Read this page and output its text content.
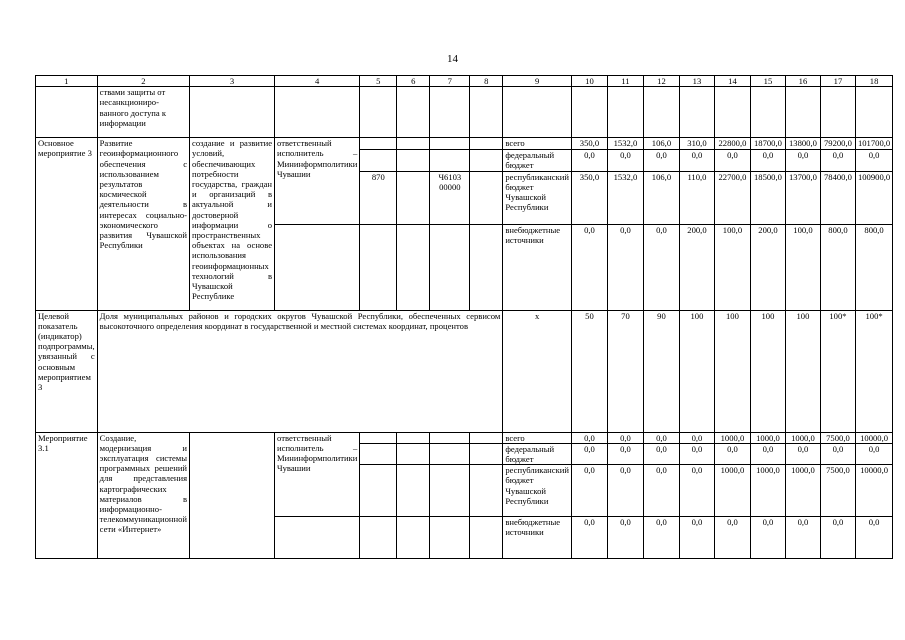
14
1	2	3	4	5	6	7	8	9	10	11	12	13	14	15	16	17	18
	ствами защиты от несанкциониро-ванного доступа к информации																
Основное мероприятие 3	Развитие геоинформационного обеспечения с использованием результатов космической деятельности в интересах социально-экономического развития Чувашской Республики	создание и развитие условий, обеспечивающих потребности государства, граждан и организаций в актуальной и достоверной информации о пространственных объектах на основе использования геоинформационных технологий в Чувашской Республике	ответственный исполнитель – Мининформполитики Чувашии					всего	350,0	1532,0	106,0	310,0	22800,0	18700,0	13800,0	79200,0	101700,0
								федеральный бюджет	0,0	0,0	0,0	0,0	0,0	0,0	0,0	0,0	0,0
				870		Ч6103 00000		республиканский бюджет Чувашской Республики	350,0	1532,0	106,0	110,0	22700,0	18500,0	13700,0	78400,0	100900,0
								внебюджетные источники	0,0	0,0	0,0	200,0	100,0	200,0	100,0	800,0	800,0
Целевой показатель (индикатор) подпрограммы, увязанный с основным мероприятием 3	Доля муниципальных районов и городских округов Чувашской Республики, обеспеченных сервисом высокоточного определения координат в государственной и местной системах координат, процентов							х	50	70	90	100	100	100	100	100*	100*
Мероприятие 3.1	Создание, модернизация и эксплуатация системы программных решений для представления картографических материалов в информационно-телекоммуникационной сети «Интернет»		ответственный исполнитель – Мининформполитики Чувашии					всего	0,0	0,0	0,0	0,0	1000,0	1000,0	1000,0	7500,0	10000,0
								федеральный бюджет	0,0	0,0	0,0	0,0	0,0	0,0	0,0	0,0	0,0
								республиканский бюджет Чувашской Республики	0,0	0,0	0,0	0,0	1000,0	1000,0	1000,0	7500,0	10000,0
								внебюджетные источники	0,0	0,0	0,0	0,0	0,0	0,0	0,0	0,0	0,0
